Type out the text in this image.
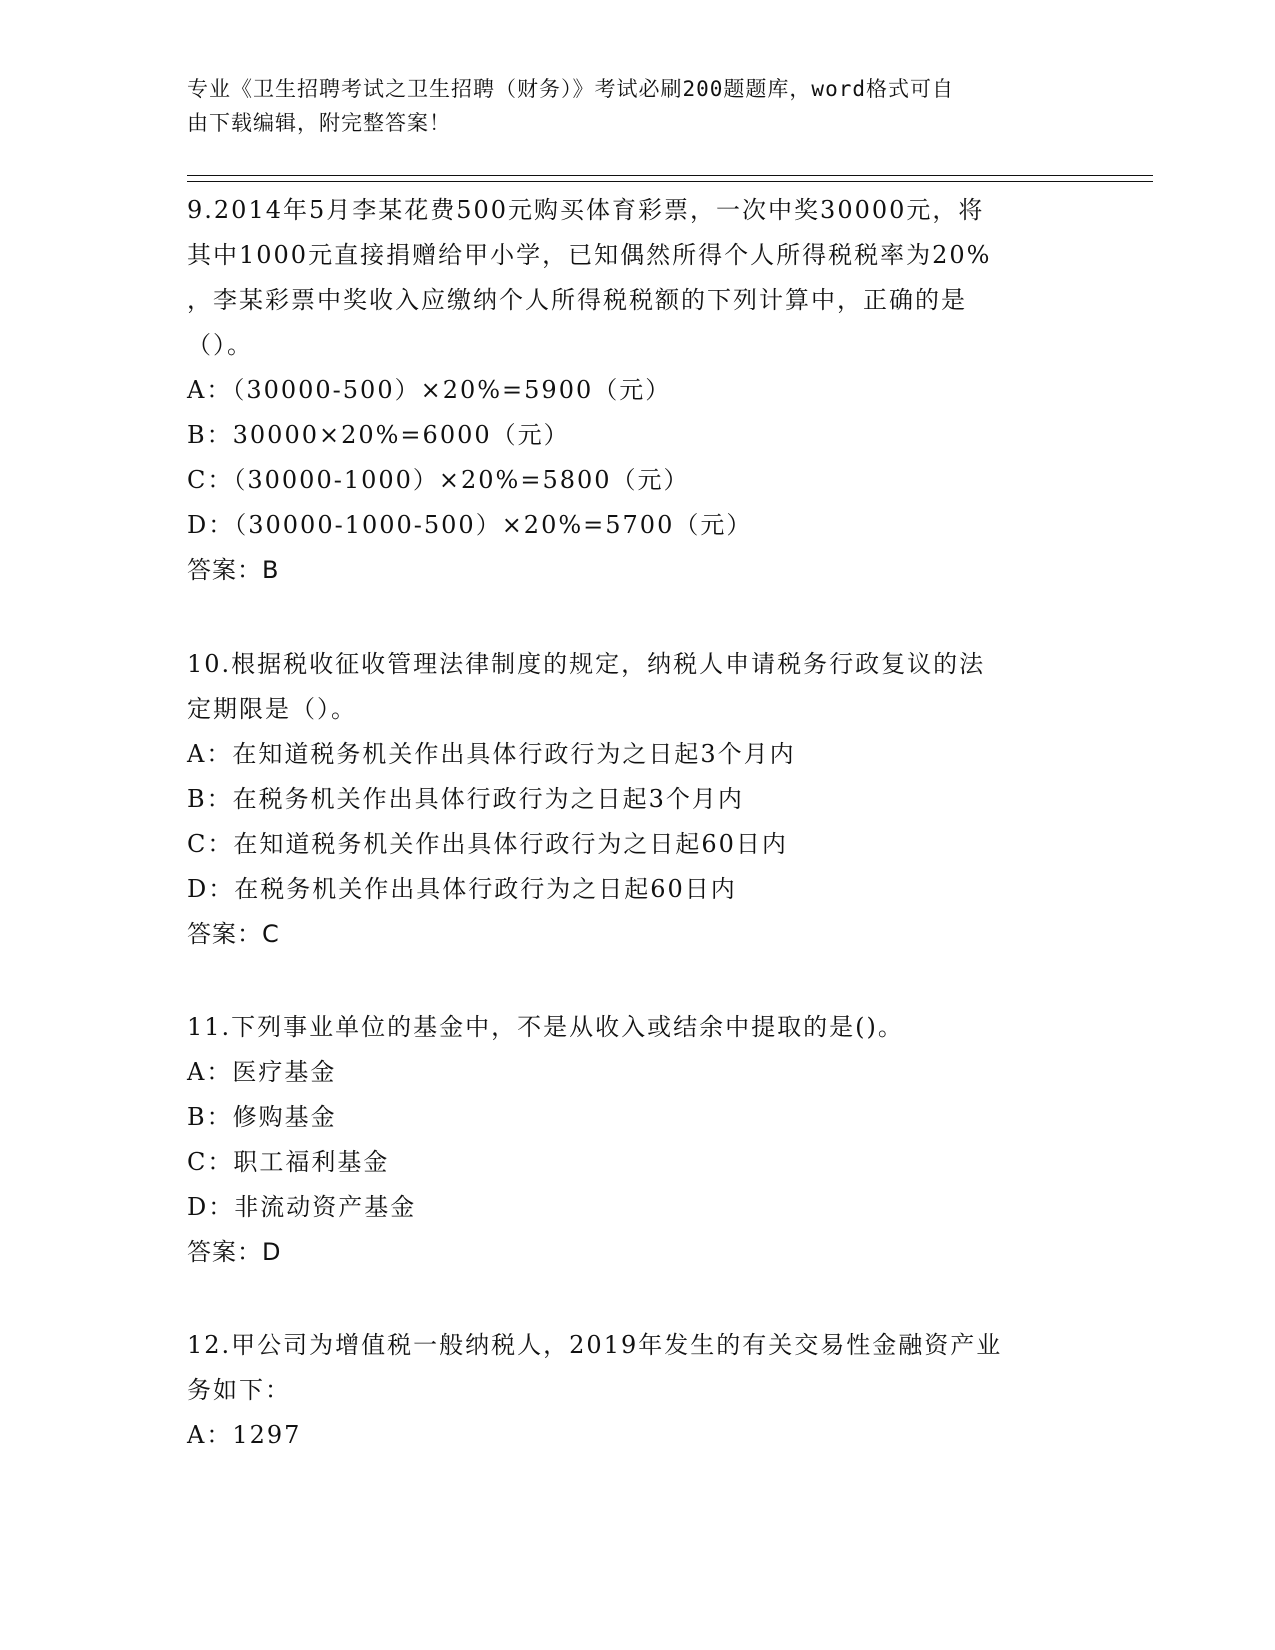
专业《卫生招聘考试之卫生招聘（财务）》考试必刷200题题库，word格式可自
由下载编辑，附完整答案！
9.2014年5月李某花费500元购买体育彩票，一次中奖30000元，将
其中1000元直接捐赠给甲小学，已知偶然所得个人所得税税率为20%
，李某彩票中奖收入应缴纳个人所得税税额的下列计算中，正确的是
（）。
A：（30000-500）×20%=5900（元）
B：30000×20%=6000（元）
C：（30000-1000）×20%=5800（元）
D：（30000-1000-500）×20%=5700（元）
答案：B
10.根据税收征收管理法律制度的规定，纳税人申请税务行政复议的法
定期限是（）。
A：在知道税务机关作出具体行政行为之日起3个月内
B：在税务机关作出具体行政行为之日起3个月内
C：在知道税务机关作出具体行政行为之日起60日内
D：在税务机关作出具体行政行为之日起60日内
答案：C
11.下列事业单位的基金中，不是从收入或结余中提取的是()。
A：医疗基金
B：修购基金
C：职工福利基金
D：非流动资产基金
答案：D
12.甲公司为增值税一般纳税人，2019年发生的有关交易性金融资产业
务如下：
A：1297
